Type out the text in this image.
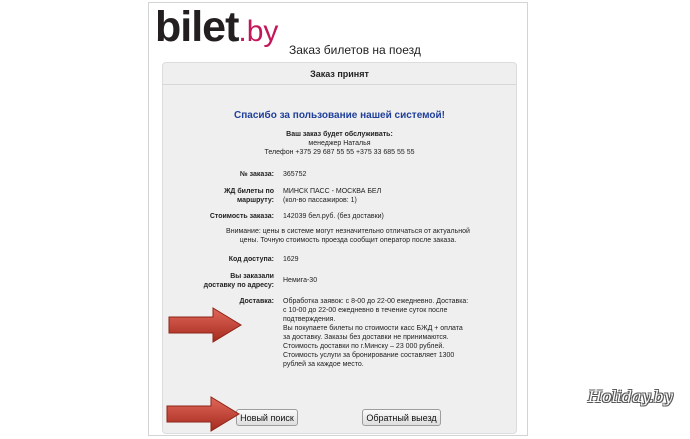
bilet.by
Заказ билетов на поезд
Заказ принят
Спасибо за пользование нашей системой!
Ваш заказ будет обслуживать:
менеджер Наталья
Телефон +375 29 687 55 55 +375 33 685 55 55
№ заказа: 365752
ЖД билеты по
маршруту:
МИНСК ПАСС - МОСКВА БЕЛ
(кол-во пассажиров: 1)
Стоимость заказа: 142039 бел.руб. (без доставки)
Внимание: цены в системе могут незначительно отличаться от актуальной
цены. Точную стоимость проезда сообщит оператор после заказа.
Код доступа: 1629
Вы заказали
доставку по адресу:
Немига-30
Доставка: Обработка заявок: с 8-00 до 22-00 ежедневно. Доставка:
с 10-00 до 22-00 ежедневно в течение суток после
подтверждения.
Вы покупаете билеты по стоимости касс БЖД + оплата
за доставку. Заказы без доставки не принимаются.
Стоимость доставки по г.Минску – 23 000 рублей.
Стоимость услуги за бронирование составляет 1300
рублей за каждое место.
Новый поиск	Обратный выезд
Holiday.by
